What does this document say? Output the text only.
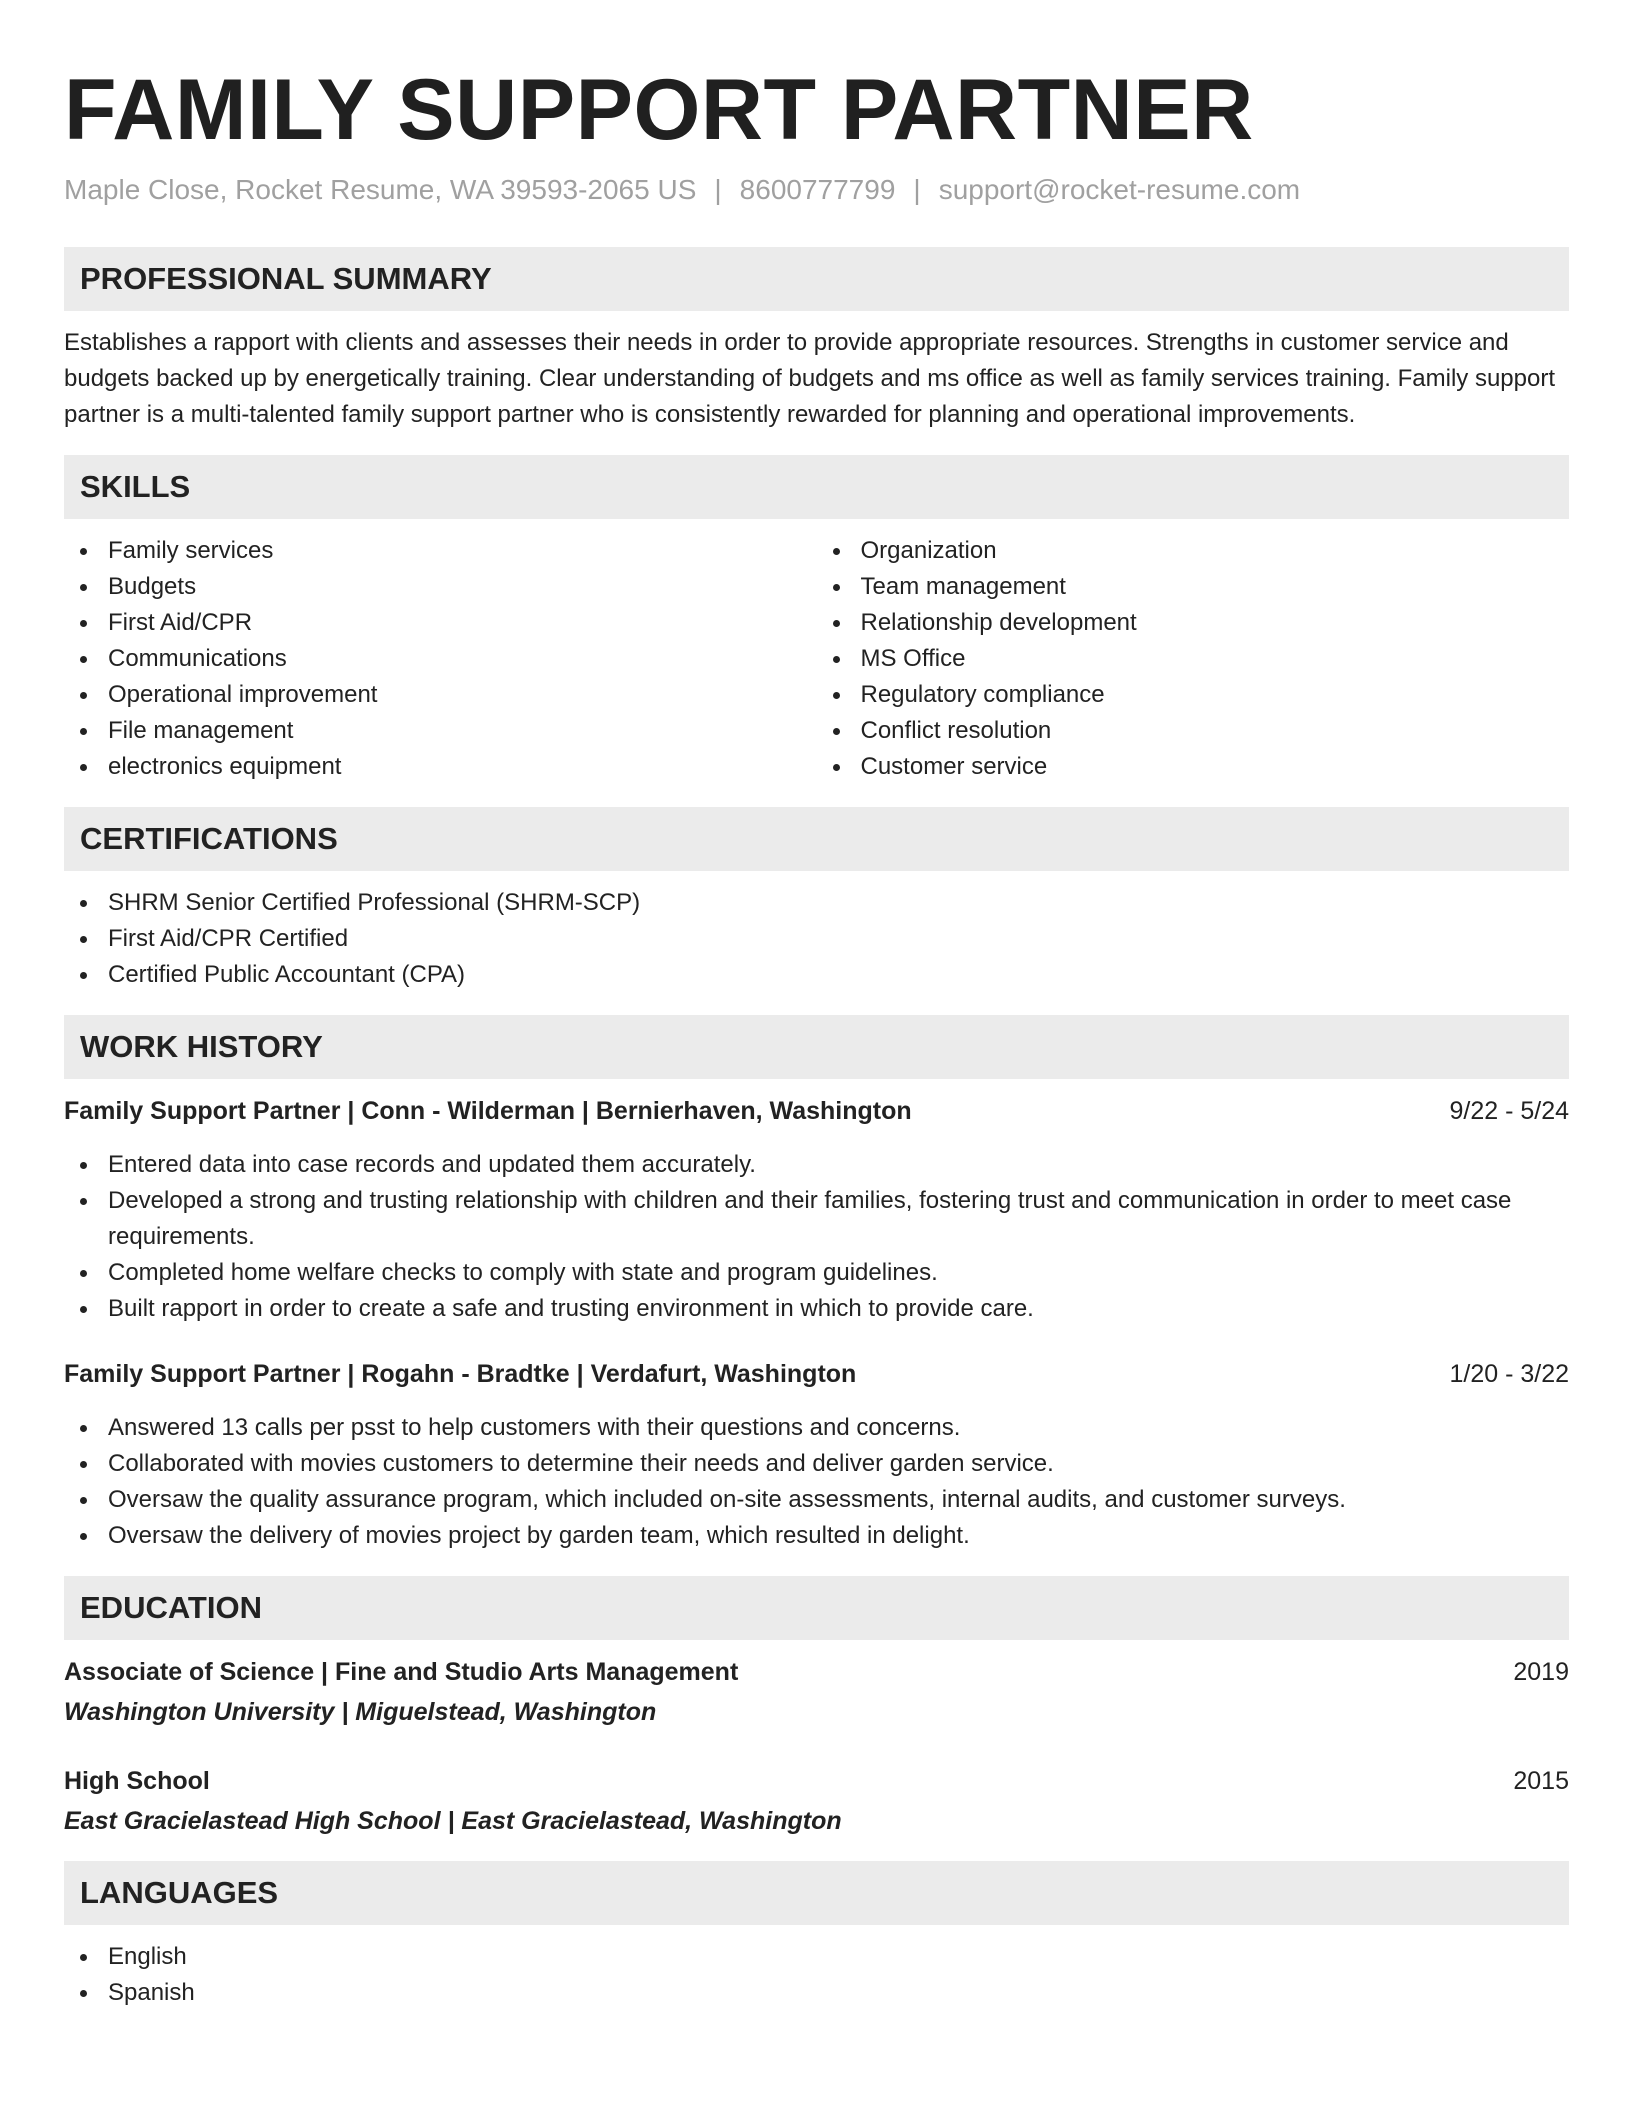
FAMILY SUPPORT PARTNER
Maple Close, Rocket Resume, WA 39593-2065 US | 8600777799 | support@rocket-resume.com
PROFESSIONAL SUMMARY

Establishes a rapport with clients and assesses their needs in order to provide appropriate resources. Strengths in customer service and budgets backed up by energetically training. Clear understanding of budgets and ms office as well as family services training. Family support partner is a multi-talented family support partner who is consistently rewarded for planning and operational improvements.

SKILLS
Family services
Budgets
First Aid/CPR
Communications
Operational improvement
File management
electronics equipment
Organization
Team management
Relationship development
MS Office
Regulatory compliance
Conflict resolution
Customer service
CERTIFICATIONS
SHRM Senior Certified Professional (SHRM-SCP)
First Aid/CPR Certified
Certified Public Accountant (CPA)
WORK HISTORY
Family Support Partner | Conn - Wilderman | Bernierhaven, Washington	9/22 - 5/24
Entered data into case records and updated them accurately.
Developed a strong and trusting relationship with children and their families, fostering trust and communication in order to meet case requirements.
Completed home welfare checks to comply with state and program guidelines.
Built rapport in order to create a safe and trusting environment in which to provide care.
Family Support Partner | Rogahn - Bradtke | Verdafurt, Washington	1/20 - 3/22
Answered 13 calls per psst to help customers with their questions and concerns.
Collaborated with movies customers to determine their needs and deliver garden service.
Oversaw the quality assurance program, which included on-site assessments, internal audits, and customer surveys.
Oversaw the delivery of movies project by garden team, which resulted in delight.
EDUCATION
Associate of Science | Fine and Studio Arts Management	2019
Washington University | Miguelstead, Washington
High School	2015
East Gracielastead High School | East Gracielastead, Washington
LANGUAGES
English
Spanish
